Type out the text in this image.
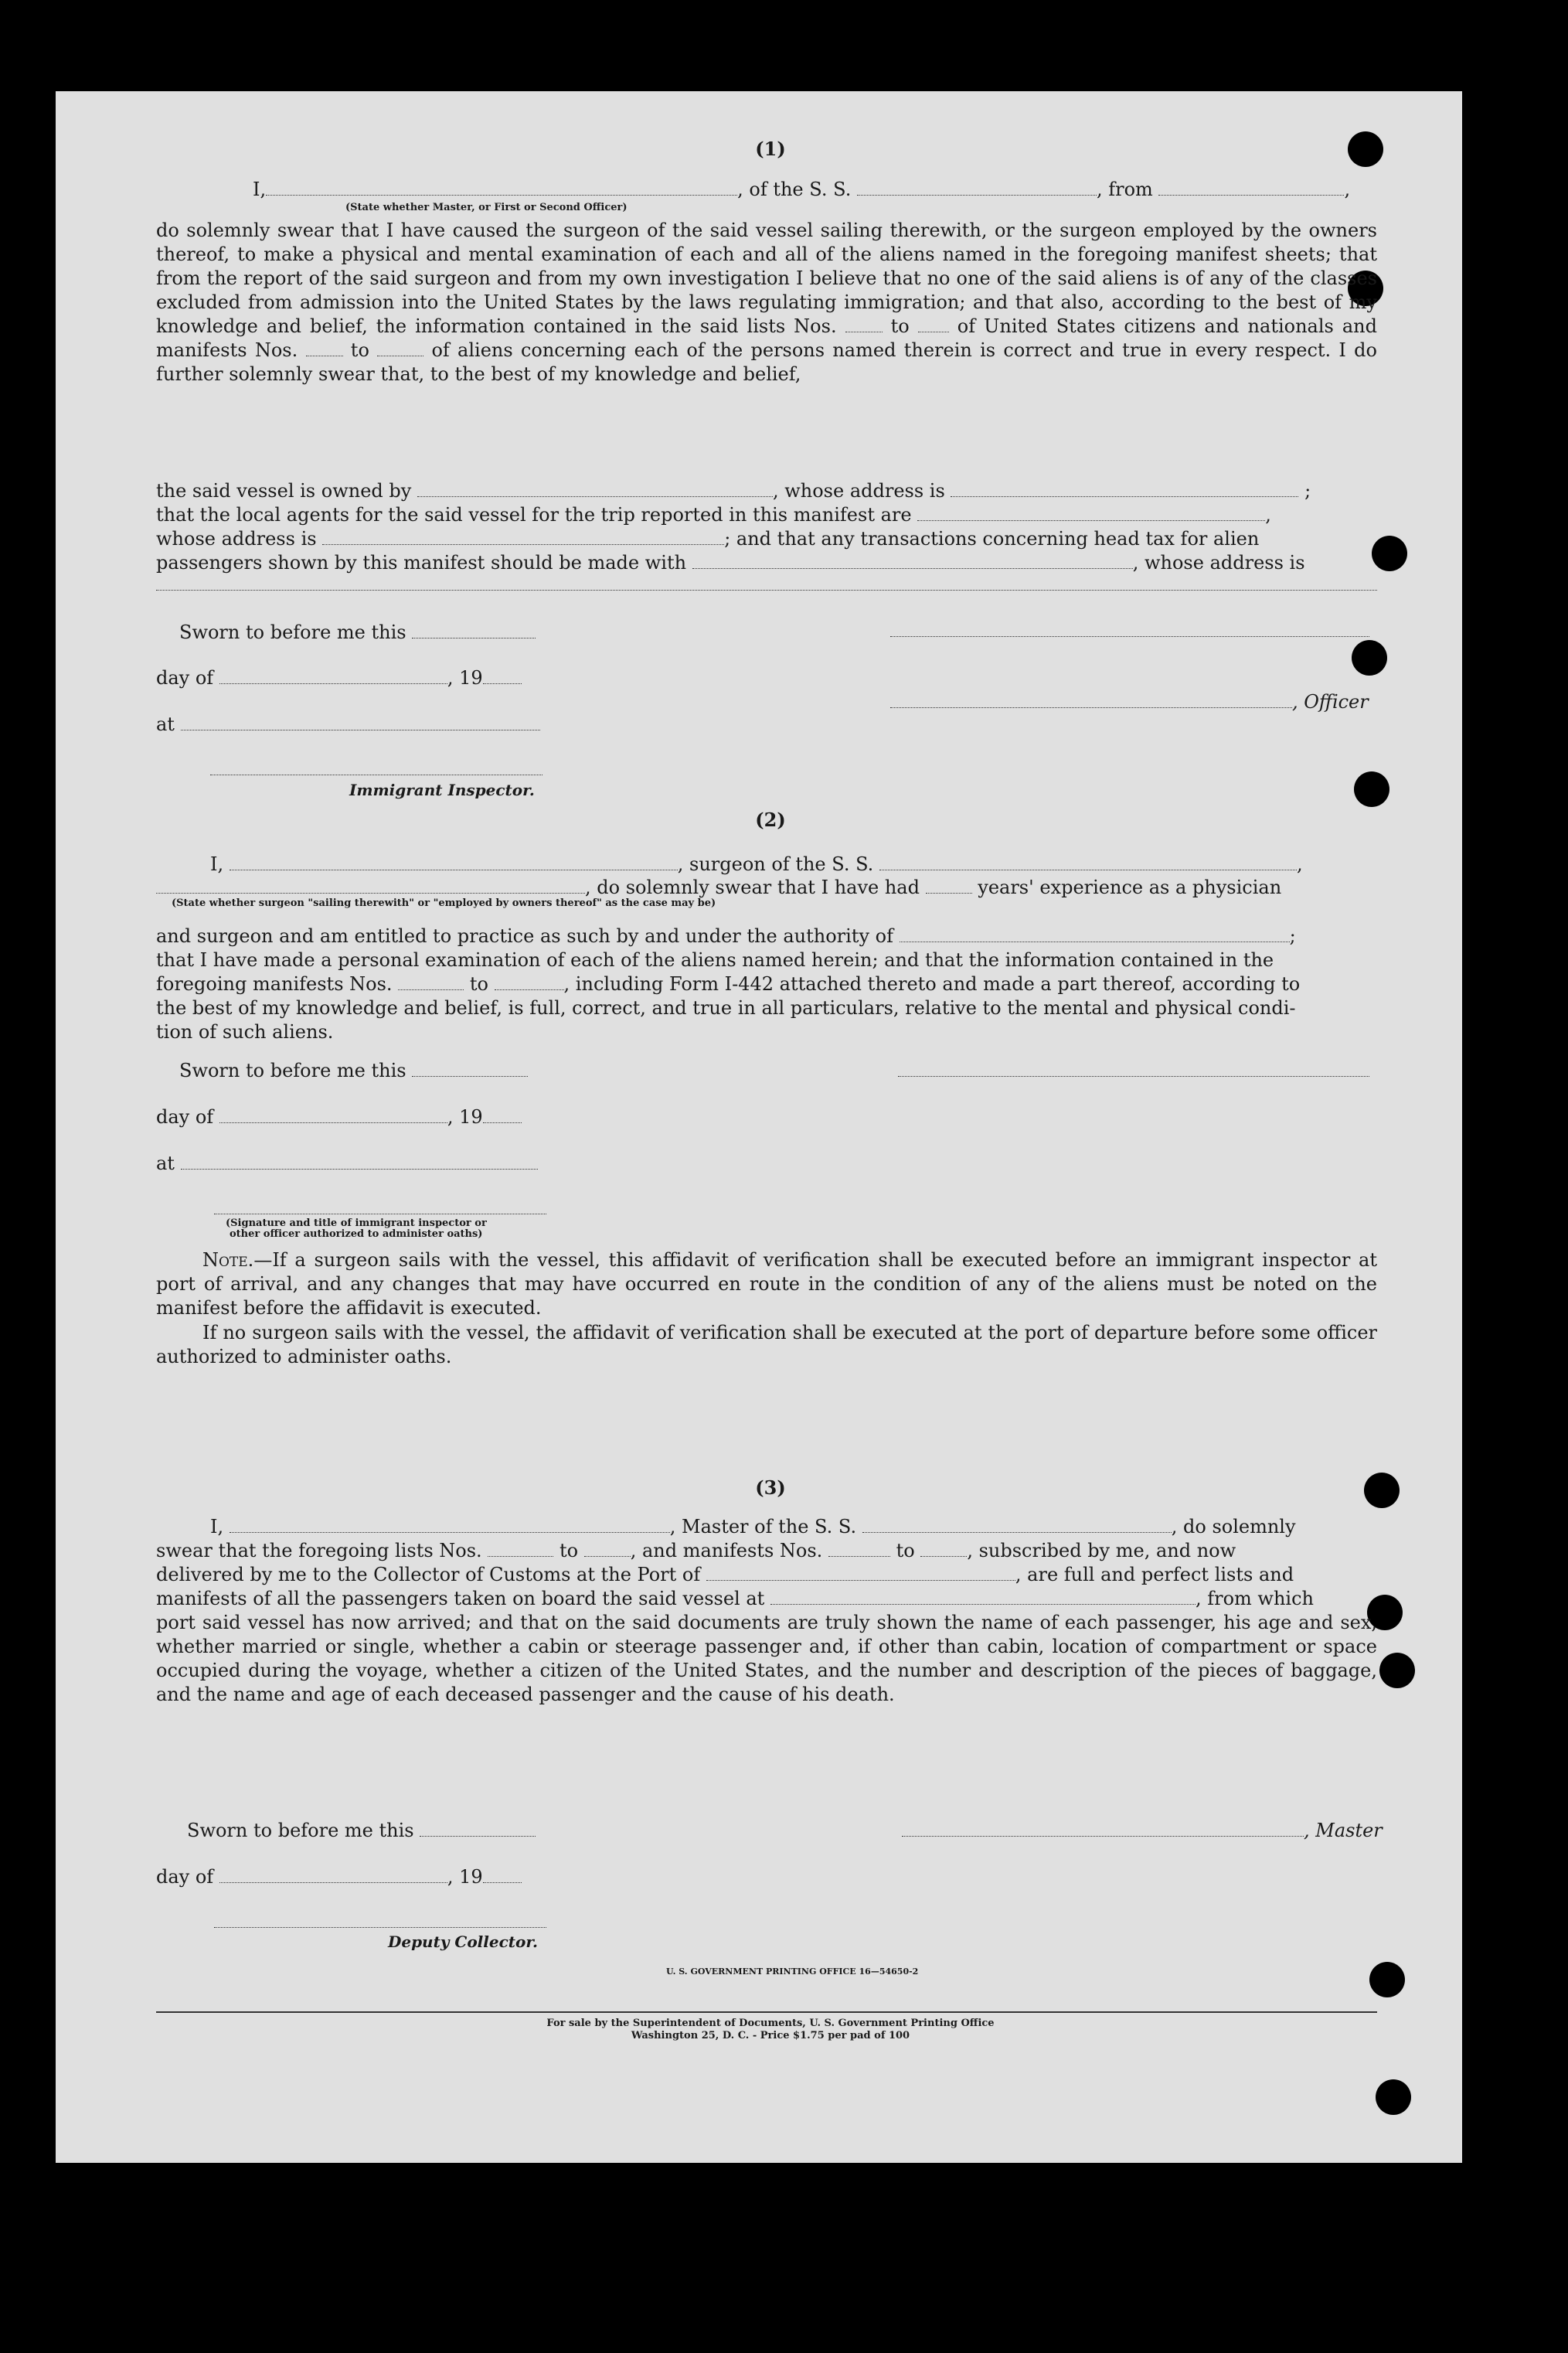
(1)
I,	, of the S. S.	, from	,
(State whether Master, or First or Second Officer)
do solemnly swear that I have caused the surgeon of the said vessel sailing therewith, or the surgeon employed by the owners thereof, to make a physical and mental examination of each and all of the aliens named in the foregoing manifest sheets; that from the report of the said surgeon and from my own investigation I believe that no one of the said aliens is of any of the classes excluded from admission into the United States by the laws regulating immigration; and that also, according to the best of my knowledge and belief, the information contained in the said lists Nos.	to	of United States citizens and nationals and manifests Nos.	to	of aliens concerning each of the persons named therein is correct and true in every respect. I do further solemnly swear that, to the best of my knowledge and belief,
the said vessel is owned by	, whose address is	;
that the local agents for the said vessel for the trip reported in this manifest are	,
whose address is	; and that any transactions concerning head tax for alien
passengers shown by this manifest should be made with	, whose address is
Sworn to before me this
day of	, 19
, Officer
at
Immigrant Inspector.
(2)
I,	, surgeon of the S. S.	,
, do solemnly swear that I have had	years' experience as a physician
(State whether surgeon "sailing therewith" or "employed by owners thereof" as the case may be)
and surgeon and am entitled to practice as such by and under the authority of	;
that I have made a personal examination of each of the aliens named herein; and that the information contained in the
foregoing manifests Nos.	to	, including Form I-442 attached thereto and made a part thereof, according to
the best of my knowledge and belief, is full, correct, and true in all particulars, relative to the mental and physical condi-
tion of such aliens.
Sworn to before me this
day of	, 19
at
(Signature and title of immigrant inspector or
other officer authorized to administer oaths)
Note.—If a surgeon sails with the vessel, this affidavit of verification shall be executed before an immigrant inspector at port of arrival, and any changes that may have occurred en route in the condition of any of the aliens must be noted on the manifest before the affidavit is executed.
If no surgeon sails with the vessel, the affidavit of verification shall be executed at the port of departure before some officer authorized to administer oaths.
(3)
I,	, Master of the S. S.	, do solemnly
swear that the foregoing lists Nos.	to	, and manifests Nos.	to	, subscribed by me, and now
delivered by me to the Collector of Customs at the Port of	, are full and perfect lists and
manifests of all the passengers taken on board the said vessel at	, from which
port said vessel has now arrived; and that on the said documents are truly shown the name of each passenger, his age and sex, whether married or single, whether a cabin or steerage passenger and, if other than cabin, location of compartment or space occupied during the voyage, whether a citizen of the United States, and the number and description of the pieces of baggage, and the name and age of each deceased passenger and the cause of his death.
Sworn to before me this	, Master
day of	, 19
Deputy Collector.
U. S. GOVERNMENT PRINTING OFFICE 16—54650-2
For sale by the Superintendent of Documents, U. S. Government Printing Office
Washington 25, D. C. - Price $1.75 per pad of 100
